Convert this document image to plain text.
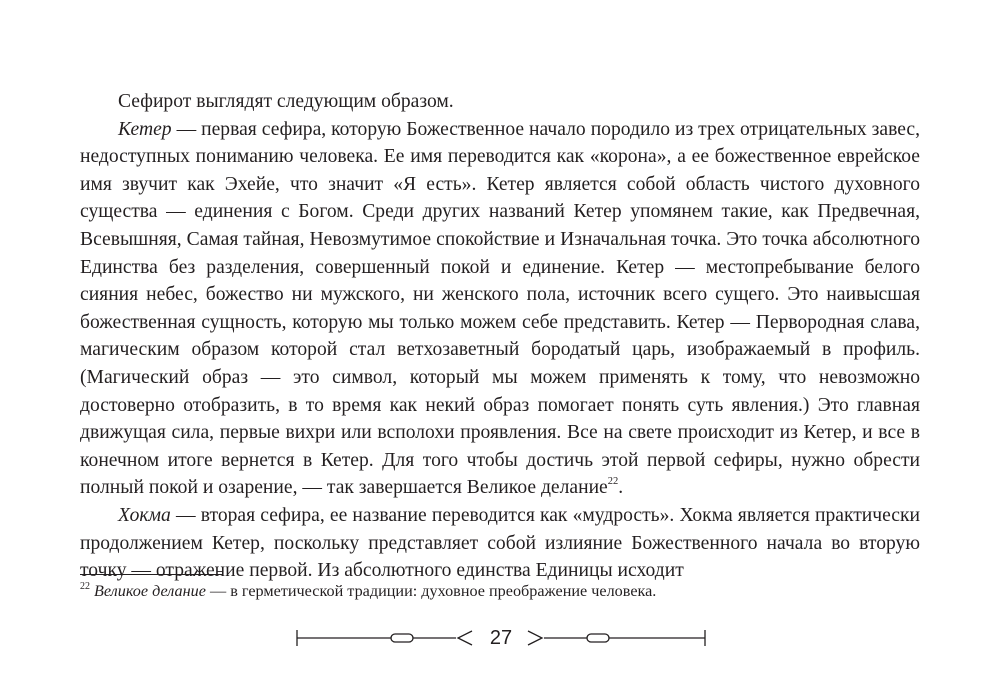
Сефирот выглядят следующим образом.

Кетер — первая сефира, которую Божественное начало породило из трех отрицательных завес, недоступных пониманию человека. Ее имя переводится как «корона», а ее божественное еврейское имя звучит как Эхейе, что значит «Я есть». Кетер является собой область чистого духовного существа — единения с Богом. Среди других названий Кетер упомянем такие, как Предвечная, Всевышняя, Самая тайная, Невозмутимое спокойствие и Изначальная точка. Это точка абсолютного Единства без разделения, совершенный покой и единение. Кетер — местопребывание белого сияния небес, божество ни мужского, ни женского пола, источник всего сущего. Это наивысшая божественная сущность, которую мы только можем себе представить. Кетер — Первородная слава, магическим образом которой стал ветхозаветный бородатый царь, изображаемый в профиль. (Магический образ — это символ, который мы можем применять к тому, что невозможно достоверно отобразить, в то время как некий образ помогает понять суть явления.) Это главная движущая сила, первые вихри или всполохи проявления. Все на свете происходит из Кетер, и все в конечном итоге вернется в Кетер. Для того чтобы достичь этой первой сефиры, нужно обрести полный покой и озарение, — так завершается Великое делание$^{22}$.

Хокма — вторая сефира, ее название переводится как «мудрость». Хокма является практически продолжением Кетер, поскольку представляет собой излияние Божественного начала во вторую точку — отражение первой. Из абсолютного единства Единицы исходит

$^{22}$ Великое делание — в герметической традиции: духовное преображение человека.
27
